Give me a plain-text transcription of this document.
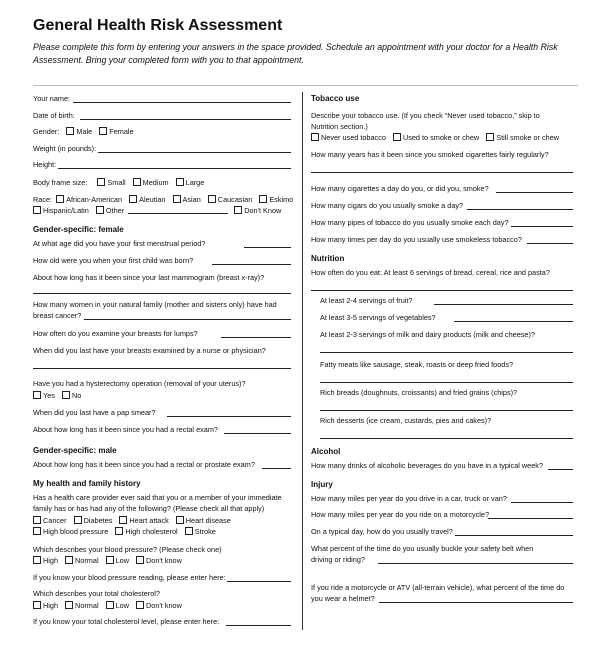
General Health Risk Assessment
Please complete this form by entering your answers in the space provided. Schedule an appointment with your doctor for a Health Risk Assessment. Bring your completed form with you to that appointment.
Your name:
Date of birth:
Gender: Male Female
Weight (in pounds):
Height:
Body frame size:	Small Medium Large
Race: African-American Aleutian Asian Caucasian Eskimo
Hispanic/Latin Other	Don't Know
Gender-specific: female
At what age did you have your first menstrual period?
How old were you when your first child was born?
About how long has it been since your last mammogram (breast x-ray)?
How many women in your natural family (mother and sisters only) have had
breast cancer?
How often do you examine your breasts for lumps?
When did you last have your breasts examined by a nurse or physician?
Have you had a hysterectomy operation (removal of your uterus)?
Yes No
When did you last have a pap smear?
About how long has it been since you had a rectal exam?
Gender-specific: male
About how long has it been since you had a rectal or prostate exam?
My health and family history
Has a health care provider ever said that you or a member of your immediate
family has or has had any of the following? (Please check all that apply)
Cancer Diabetes Heart attack Heart disease
High blood pressure High cholesterol Stroke
Which describes your blood pressure? (Please check one)
High Normal Low Don't know
If you know your blood pressure reading, please enter here:
Which describes your total cholesterol?
High Normal Low Don't know
If you know your total cholesterol level, please enter here:
Tobacco use
Describe your tobacco use. (If you check “Never used tobacco,” skip to
Nutrition section.)
Never used tobacco Used to smoke or chew Still smoke or chew
How many years has it been since you smoked cigarettes fairly regularly?
How many cigarettes a day do you, or did you, smoke?
How many cigars do you usually smoke a day?
How many pipes of tobacco do you usually smoke each day?
How many times per day do you usually use smokeless tobacco?
Nutrition
How often do you eat: At least 6 servings of bread, cereal, rice and pasta?
At least 2-4 servings of fruit?
At least 3-5 servings of vegetables?
At least 2-3 servings of milk and dairy products (milk and cheese)?
Fatty meats like sausage, steak, roasts or deep fried foods?
Rich breads (doughnuts, croissants) and fried grains (chips)?
Rich desserts (ice cream, custards, pies and cakes)?
Alcohol
How many drinks of alcoholic beverages do you have in a typical week?
Injury
How many miles per year do you drive in a car, truck or van?
How many miles per year do you ride on a motorcycle?
On a typical day, how do you usually travel?
What percent of the time do you usually buckle your safety belt when
driving or riding?
If you ride a motorcycle or ATV (all-terrain vehicle), what percent of the time do
you wear a helmet?
